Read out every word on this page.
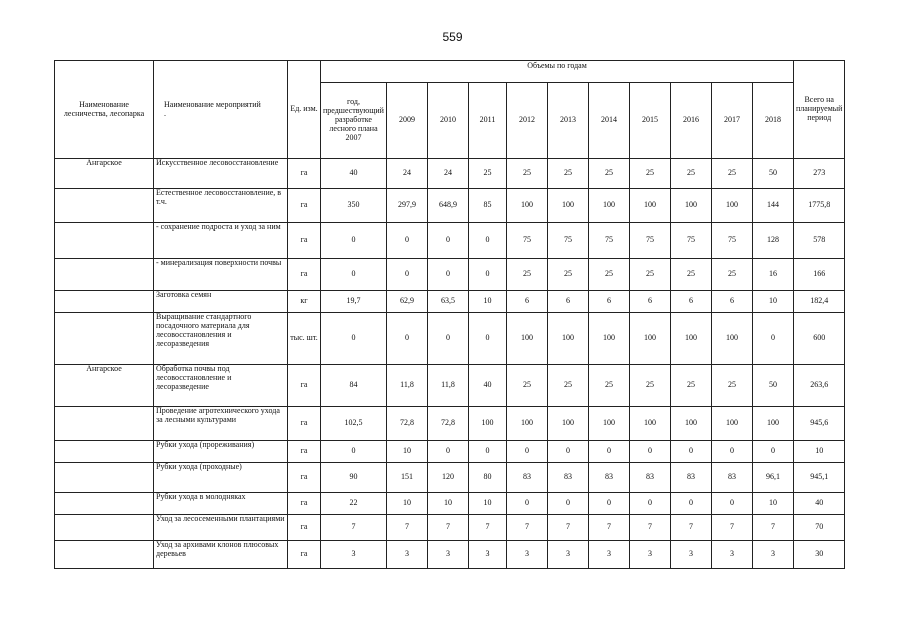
559
Наименование лесничества, лесопарка	Наименование мероприятий
.	Ед. изм.	Объемы по годам											Всего на планируемый период
			год, предшествующий разработке лесного плана 2007	2009	2010	2011	2012	2013	2014	2015	2016	2017	2018	
Ангарское	Искусственное лесовосстановление	га	40	24	24	25	25	25	25	25	25	25	50	273
	Естественное лесовосстановление, в т.ч.	га	350	297,9	648,9	85	100	100	100	100	100	100	144	1775,8
	- сохранение подроста и уход за ним	га	0	0	0	0	75	75	75	75	75	75	128	578
	- минерализация поверхности почвы	га	0	0	0	0	25	25	25	25	25	25	16	166
	Заготовка семян	кг	19,7	62,9	63,5	10	6	6	6	6	6	6	10	182,4
	Выращивание стандартного посадочного материала для лесовосстановления и лесоразведения	тыс. шт.	0	0	0	0	100	100	100	100	100	100	0	600
Ангарское	Обработка почвы под лесовосстановление и лесоразведение	га	84	11,8	11,8	40	25	25	25	25	25	25	50	263,6
	Проведение агротехнического ухода за лесными культурами	га	102,5	72,8	72,8	100	100	100	100	100	100	100	100	945,6
	Рубки ухода (прореживания)	га	0	10	0	0	0	0	0	0	0	0	0	10
	Рубки ухода (проходные)	га	90	151	120	80	83	83	83	83	83	83	96,1	945,1
	Рубки ухода в молодняках	га	22	10	10	10	0	0	0	0	0	0	10	40
	Уход за лесосеменными плантациями	га	7	7	7	7	7	7	7	7	7	7	7	70
	Уход за архивами клонов плюсовых деревьев	га	3	3	3	3	3	3	3	3	3	3	3	30
